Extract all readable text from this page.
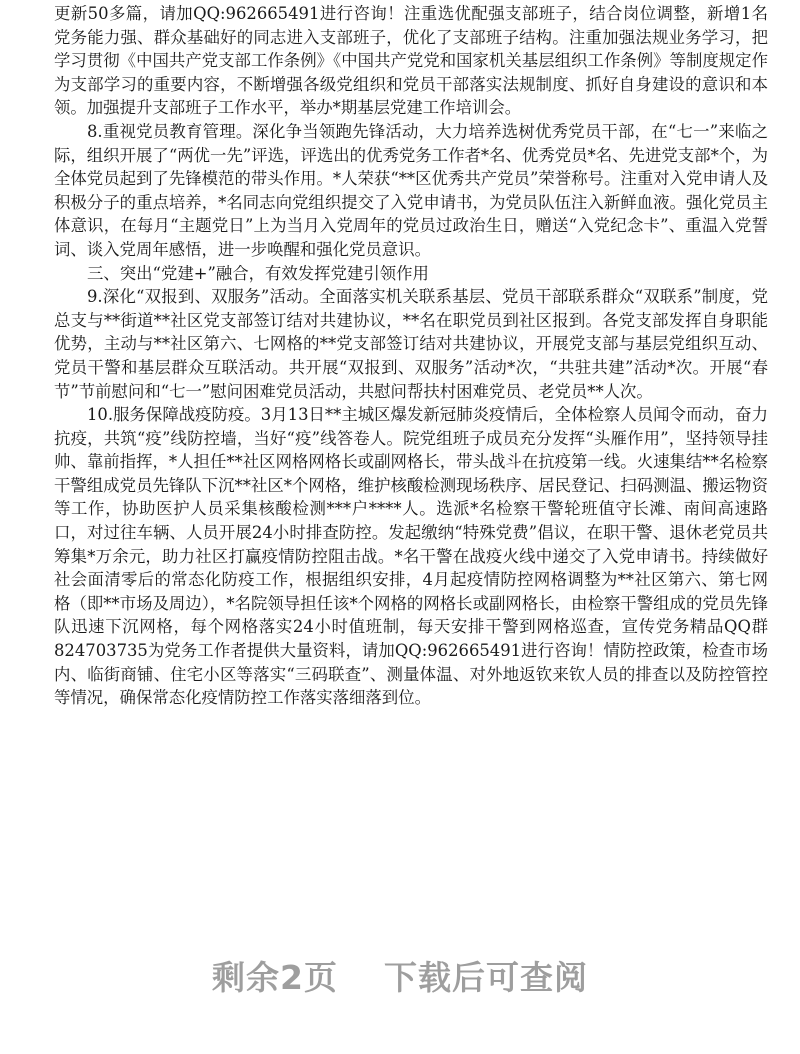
更新50多篇，请加QQ:962665491进行咨询！注重选优配强支部班子，结合岗位调整，新增1名党务能力强、群众基础好的同志进入支部班子，优化了支部班子结构。注重加强法规业务学习，把学习贯彻《中国共产党支部工作条例》《中国共产党党和国家机关基层组织工作条例》等制度规定作为支部学习的重要内容，不断增强各级党组织和党员干部落实法规制度、抓好自身建设的意识和本领。加强提升支部班子工作水平，举办*期基层党建工作培训会。

8.重视党员教育管理。深化争当领跑先锋活动，大力培养选树优秀党员干部，在“七一”来临之际，组织开展了“两优一先”评选，评选出的优秀党务工作者*名、优秀党员*名、先进党支部*个，为全体党员起到了先锋模范的带头作用。*人荣获“**区优秀共产党员”荣誉称号。注重对入党申请人及积极分子的重点培养，*名同志向党组织提交了入党申请书，为党员队伍注入新鲜血液。强化党员主体意识，在每月“主题党日”上为当月入党周年的党员过政治生日，赠送“入党纪念卡”、重温入党誓词、谈入党周年感悟，进一步唤醒和强化党员意识。

三、突出“党建+”融合，有效发挥党建引领作用

9.深化“双报到、双服务”活动。全面落实机关联系基层、党员干部联系群众“双联系”制度，党总支与**街道**社区党支部签订结对共建协议，**名在职党员到社区报到。各党支部发挥自身职能优势，主动与**社区第六、七网格的**党支部签订结对共建协议，开展党支部与基层党组织互动、党员干警和基层群众互联活动。共开展“双报到、双服务”活动*次，“共驻共建”活动*次。开展“春节”节前慰问和“七一”慰问困难党员活动，共慰问帮扶村困难党员、老党员**人次。

10.服务保障战疫防疫。3月13日**主城区爆发新冠肺炎疫情后，全体检察人员闻令而动，奋力抗疫，共筑“疫”线防控墙，当好“疫”线答卷人。院党组班子成员充分发挥“头雁作用”，坚持领导挂帅、靠前指挥，*人担任**社区网格网格长或副网格长，带头战斗在抗疫第一线。火速集结**名检察干警组成党员先锋队下沉**社区*个网格，维护核酸检测现场秩序、居民登记、扫码测温、搬运物资等工作，协助医护人员采集核酸检测***户****人。选派*名检察干警轮班值守长滩、南间高速路口，对过往车辆、人员开展24小时排查防控。发起缴纳“特殊党费”倡议，在职干警、退休老党员共筹集*万余元，助力社区打赢疫情防控阻击战。*名干警在战疫火线中递交了入党申请书。持续做好社会面清零后的常态化防疫工作，根据组织安排，4月起疫情防控网格调整为**社区第六、第七网格（即**市场及周边），*名院领导担任该*个网格的网格长或副网格长，由检察干警组成的党员先锋队迅速下沉网格，每个网格落实24小时值班制，每天安排干警到网格巡查，宣传党务精品QQ群824703735为党务工作者提供大量资料，请加QQ:962665491进行咨询！情防控政策，检查市场内、临街商铺、住宅小区等落实“三码联查”、测量体温、对外地返钦来钦人员的排查以及防控管控等情况，确保常态化疫情防控工作落实落细落到位。

剩余2页 下载后可查阅
